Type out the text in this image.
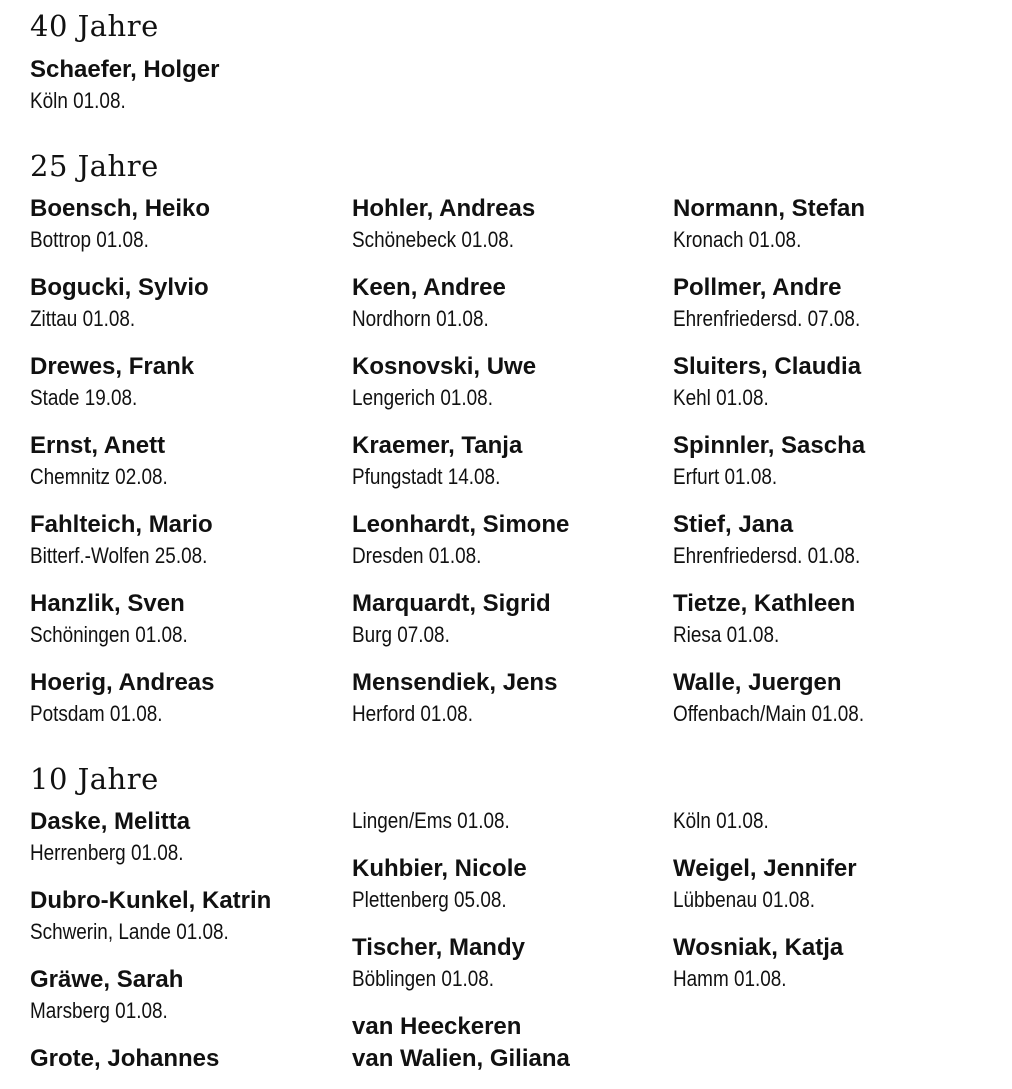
40 Jahre
Schaefer, Holger
Köln 01.08.
25 Jahre
Boensch, Heiko
Bottrop 01.08.
Bogucki, Sylvio
Zittau 01.08.
Drewes, Frank
Stade 19.08.
Ernst, Anett
Chemnitz 02.08.
Fahlteich, Mario
Bitterf.-Wolfen 25.08.
Hanzlik, Sven
Schöningen 01.08.
Hoerig, Andreas
Potsdam 01.08.
Hohler, Andreas
Schönebeck 01.08.
Keen, Andree
Nordhorn 01.08.
Kosnovski, Uwe
Lengerich 01.08.
Kraemer, Tanja
Pfungstadt 14.08.
Leonhardt, Simone
Dresden 01.08.
Marquardt, Sigrid
Burg 07.08.
Mensendiek, Jens
Herford 01.08.
Normann, Stefan
Kronach 01.08.
Pollmer, Andre
Ehrenfriedersd. 07.08.
Sluiters, Claudia
Kehl 01.08.
Spinnler, Sascha
Erfurt 01.08.
Stief, Jana
Ehrenfriedersd. 01.08.
Tietze, Kathleen
Riesa 01.08.
Walle, Juergen
Offenbach/Main 01.08.
10 Jahre
Daske, Melitta
Herrenberg 01.08.
Dubro-Kunkel, Katrin
Schwerin, Lande 01.08.
Gräwe, Sarah
Marsberg 01.08.
Grote, Johannes
Lingen/Ems 01.08.
Kuhbier, Nicole
Plettenberg 05.08.
Tischer, Mandy
Böblingen 01.08.
van Heeckeren
van Walien, Giliana
Köln 01.08.
Weigel, Jennifer
Lübbenau 01.08.
Wosniak, Katja
Hamm 01.08.
